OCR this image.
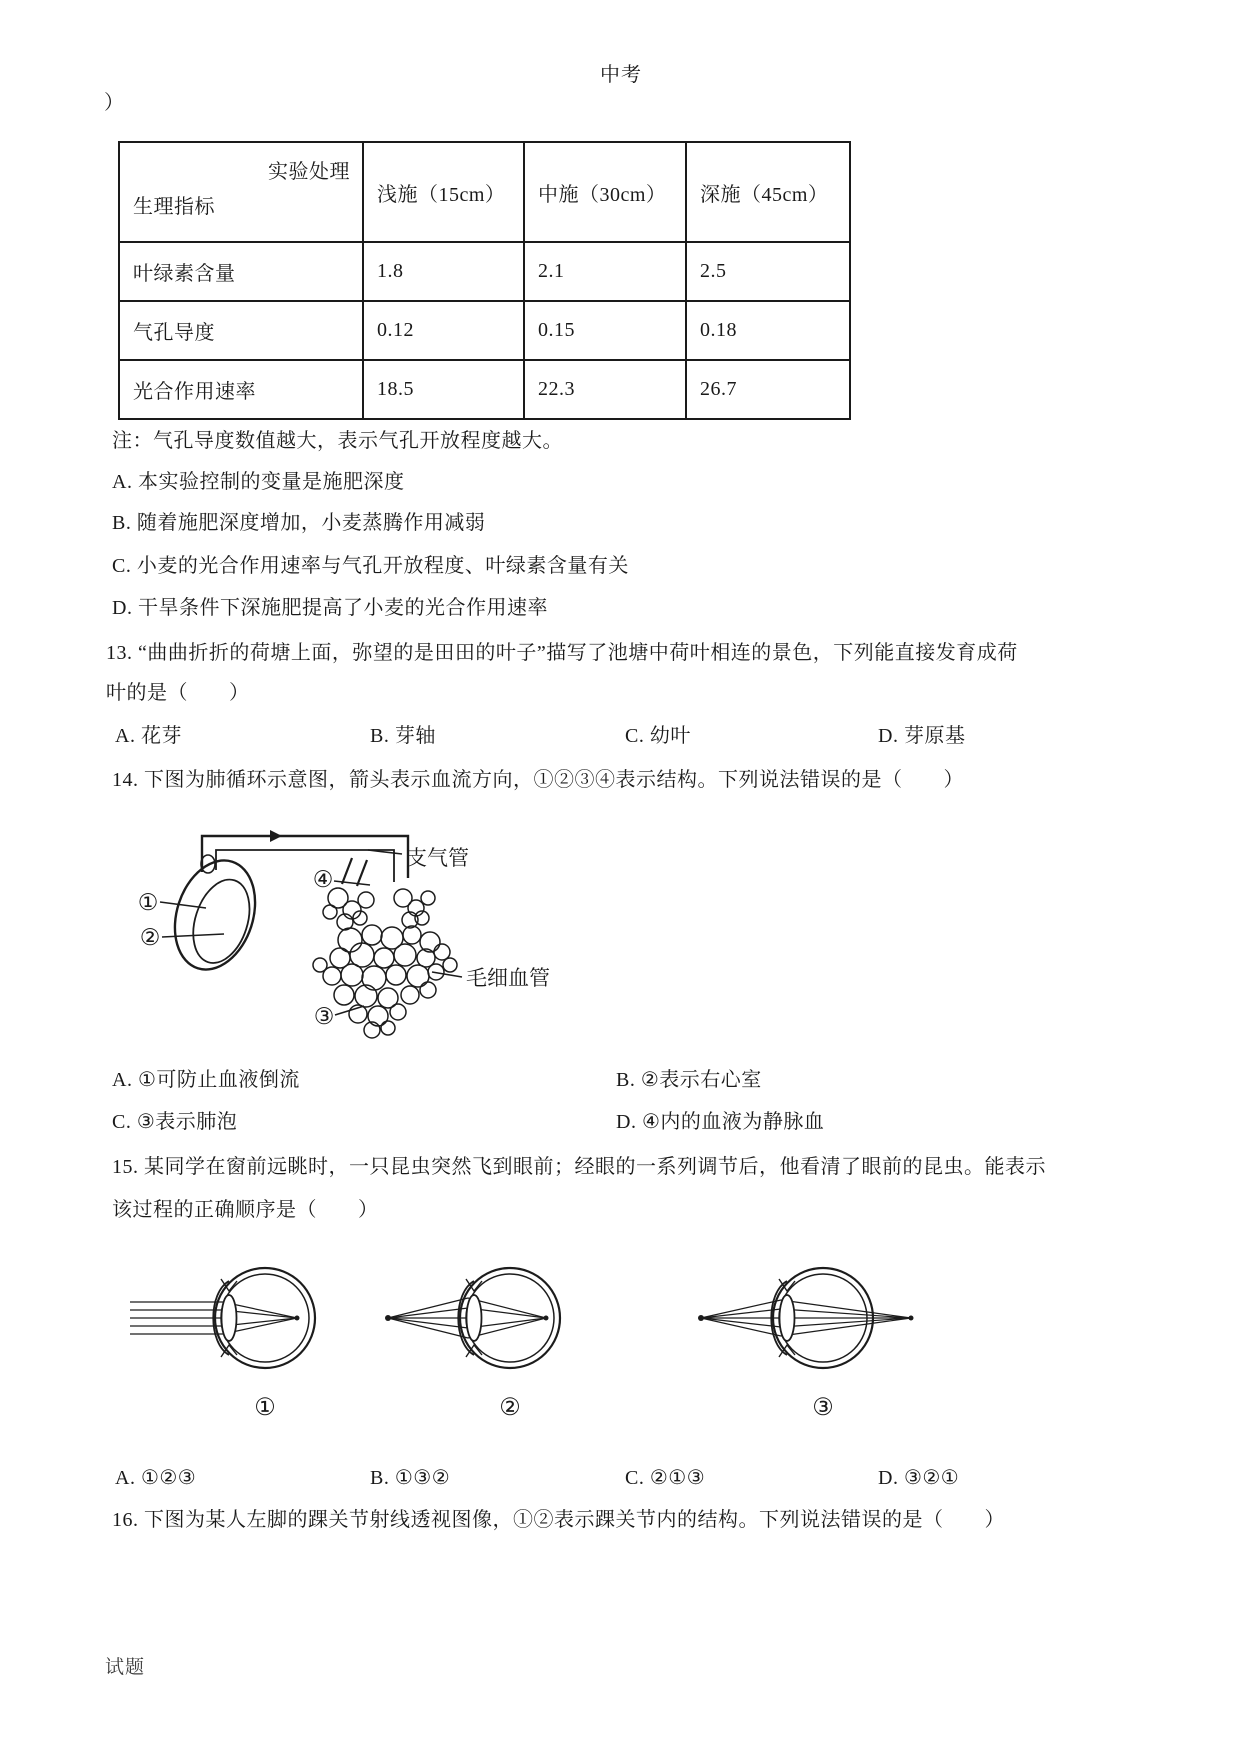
中考
）
实验处理
生理指标	浅施（15cm）	中施（30cm）	深施（45cm）
叶绿素含量	1.8	2.1	2.5
气孔导度	0.12	0.15	0.18
光合作用速率	18.5	22.3	26.7
注：气孔导度数值越大，表示气孔开放程度越大。
A. 本实验控制的变量是施肥深度
B. 随着施肥深度增加，小麦蒸腾作用减弱
C. 小麦的光合作用速率与气孔开放程度、叶绿素含量有关
D. 干旱条件下深施肥提高了小麦的光合作用速率
13. “曲曲折折的荷塘上面，弥望的是田田的叶子”描写了池塘中荷叶相连的景色，下列能直接发育成荷
叶的是（　　）
A. 花芽	B. 芽轴	C. 幼叶	D. 芽原基
14. 下图为肺循环示意图，箭头表示血流方向，①②③④表示结构。下列说法错误的是（　　）
①
②
④
③
支气管
毛细血管
A. ①可防止血液倒流	B. ②表示右心室
C. ③表示肺泡	D. ④内的血液为静脉血
15. 某同学在窗前远眺时，一只昆虫突然飞到眼前；经眼的一系列调节后，他看清了眼前的昆虫。能表示
该过程的正确顺序是（　　）
①	②	③
A. ①②③	B. ①③②	C. ②①③	D. ③②①
16. 下图为某人左脚的踝关节射线透视图像，①②表示踝关节内的结构。下列说法错误的是（　　）
试题
